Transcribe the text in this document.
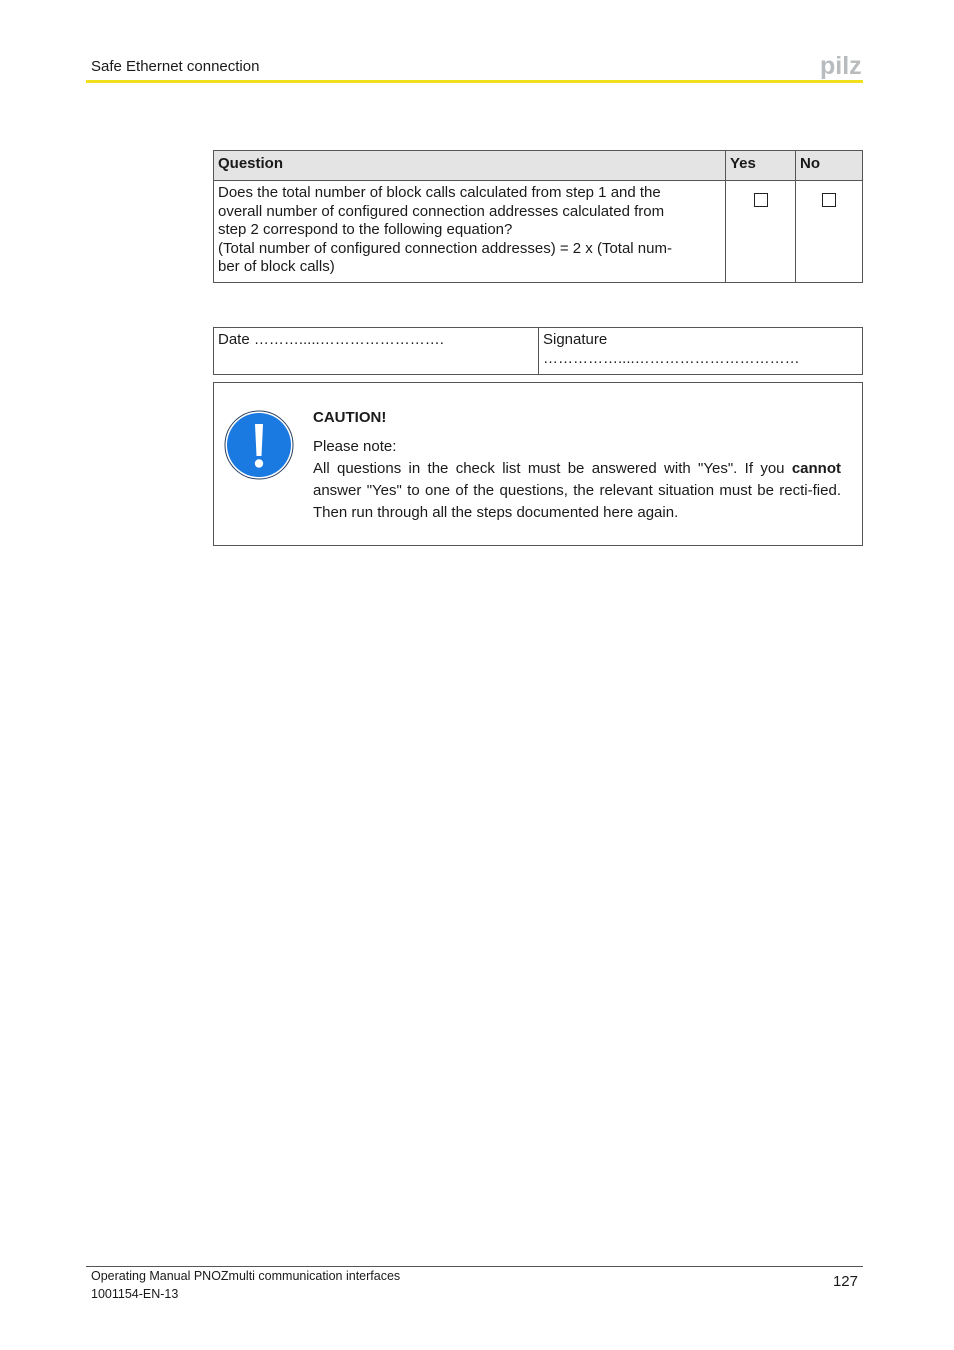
Safe Ethernet connection	pilz
Question	Yes	No

Does the total number of block calls calculated from step 1 and the
overall number of configured connection addresses calculated from
step 2 correspond to the following equation?
(Total number of configured connection addresses) = 2 x (Total num-
ber of block calls)		

Date ……….....…………………….	Signature
……………....……………………………
CAUTION!
Please note:
All questions in the check list must be answered with "Yes". If you cannot answer "Yes" to one of the questions, the relevant situation must be recti-fied. Then run through all the steps documented here again.
Operating Manual PNOZmulti communication interfaces
1001154-EN-13
127
